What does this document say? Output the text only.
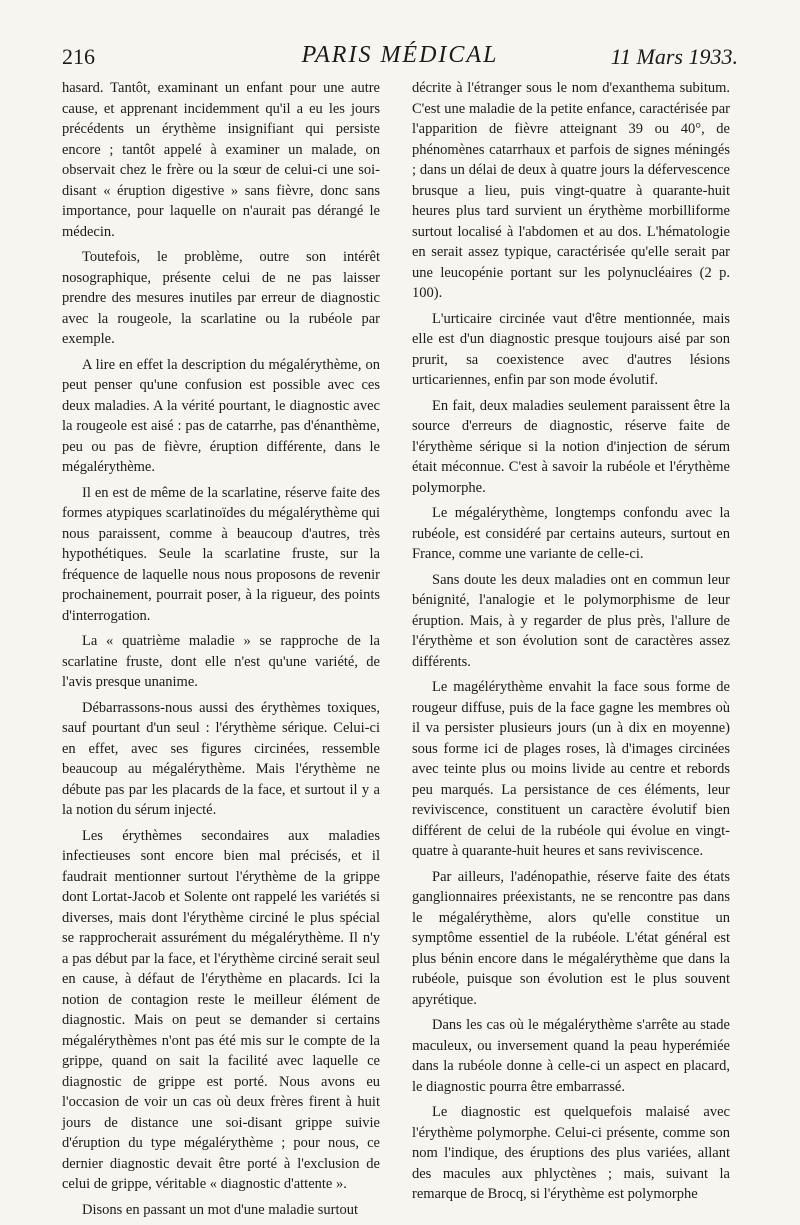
216	PARIS MÉDICAL	11 Mars 1933.

hasard. Tantôt, examinant un enfant pour une autre cause, et apprenant incidemment qu'il a eu les jours précédents un érythème insignifiant qui persiste encore ; tantôt appelé à examiner un malade, on observait chez le frère ou la sœur de celui-ci une soi-disant « éruption digestive » sans fièvre, donc sans importance, pour laquelle on n'aurait pas dérangé le médecin.

Toutefois, le problème, outre son intérêt nosographique, présente celui de ne pas laisser prendre des mesures inutiles par erreur de diagnostic avec la rougeole, la scarlatine ou la rubéole par exemple.

A lire en effet la description du mégalérythème, on peut penser qu'une confusion est possible avec ces deux maladies. A la vérité pourtant, le diagnostic avec la rougeole est aisé : pas de catarrhe, pas d'énanthème, peu ou pas de fièvre, éruption différente, dans le mégalérythème.

Il en est de même de la scarlatine, réserve faite des formes atypiques scarlatinoïdes du mégalérythème qui nous paraissent, comme à beaucoup d'autres, très hypothétiques. Seule la scarlatine fruste, sur la fréquence de laquelle nous nous proposons de revenir prochainement, pourrait poser, à la rigueur, des points d'interrogation.

La « quatrième maladie » se rapproche de la scarlatine fruste, dont elle n'est qu'une variété, de l'avis presque unanime.

Débarrassons-nous aussi des érythèmes toxiques, sauf pourtant d'un seul : l'érythème sérique. Celui-ci en effet, avec ses figures circinées, ressemble beaucoup au mégalérythème. Mais l'érythème ne débute pas par les placards de la face, et surtout il y a la notion du sérum injecté.

Les érythèmes secondaires aux maladies infectieuses sont encore bien mal précisés, et il faudrait mentionner surtout l'érythème de la grippe dont Lortat-Jacob et Solente ont rappelé les variétés si diverses, mais dont l'érythème circiné le plus spécial se rapprocherait assurément du mégalérythème. Il n'y a pas début par la face, et l'érythème circiné serait seul en cause, à défaut de l'érythème en placards. Ici la notion de contagion reste le meilleur élément de diagnostic. Mais on peut se demander si certains mégalérythèmes n'ont pas été mis sur le compte de la grippe, quand on sait la facilité avec laquelle ce diagnostic de grippe est porté. Nous avons eu l'occasion de voir un cas où deux frères firent à huit jours de distance une soi-disant grippe suivie d'éruption du type mégalérythème ; pour nous, ce dernier diagnostic devait être porté à l'exclusion de celui de grippe, véritable « diagnostic d'attente ».

Disons en passant un mot d'une maladie surtout

décrite à l'étranger sous le nom d'exanthema subitum. C'est une maladie de la petite enfance, caractérisée par l'apparition de fièvre atteignant 39 ou 40°, de phénomènes catarrhaux et parfois de signes méningés ; dans un délai de deux à quatre jours la défervescence brusque a lieu, puis vingt-quatre à quarante-huit heures plus tard survient un érythème morbilliforme surtout localisé à l'abdomen et au dos. L'hématologie en serait assez typique, caractérisée qu'elle serait par une leucopénie portant sur les polynucléaires (2 p. 100).

L'urticaire circinée vaut d'être mentionnée, mais elle est d'un diagnostic presque toujours aisé par son prurit, sa coexistence avec d'autres lésions urticariennes, enfin par son mode évolutif.

En fait, deux maladies seulement paraissent être la source d'erreurs de diagnostic, réserve faite de l'érythème sérique si la notion d'injection de sérum était méconnue. C'est à savoir la rubéole et l'érythème polymorphe.

Le mégalérythème, longtemps confondu avec la rubéole, est considéré par certains auteurs, surtout en France, comme une variante de celle-ci.

Sans doute les deux maladies ont en commun leur bénignité, l'analogie et le polymorphisme de leur éruption. Mais, à y regarder de plus près, l'allure de l'érythème et son évolution sont de caractères assez différents.

Le magélérythème envahit la face sous forme de rougeur diffuse, puis de la face gagne les membres où il va persister plusieurs jours (un à dix en moyenne) sous forme ici de plages roses, là d'images circinées avec teinte plus ou moins livide au centre et rebords peu marqués. La persistance de ces éléments, leur reviviscence, constituent un caractère évolutif bien différent de celui de la rubéole qui évolue en vingt-quatre à quarante-huit heures et sans reviviscence.

Par ailleurs, l'adénopathie, réserve faite des états ganglionnaires préexistants, ne se rencontre pas dans le mégalérythème, alors qu'elle constitue un symptôme essentiel de la rubéole. L'état général est plus bénin encore dans le mégalérythème que dans la rubéole, puisque son évolution est le plus souvent apyrétique.

Dans les cas où le mégalérythème s'arrête au stade maculeux, ou inversement quand la peau hyperémiée dans la rubéole donne à celle-ci un aspect en placard, le diagnostic pourra être embarrassé.

Le diagnostic est quelquefois malaisé avec l'érythème polymorphe. Celui-ci présente, comme son nom l'indique, des éruptions des plus variées, allant des macules aux phlyctènes ; mais, suivant la remarque de Brocq, si l'érythème est polymorphe
